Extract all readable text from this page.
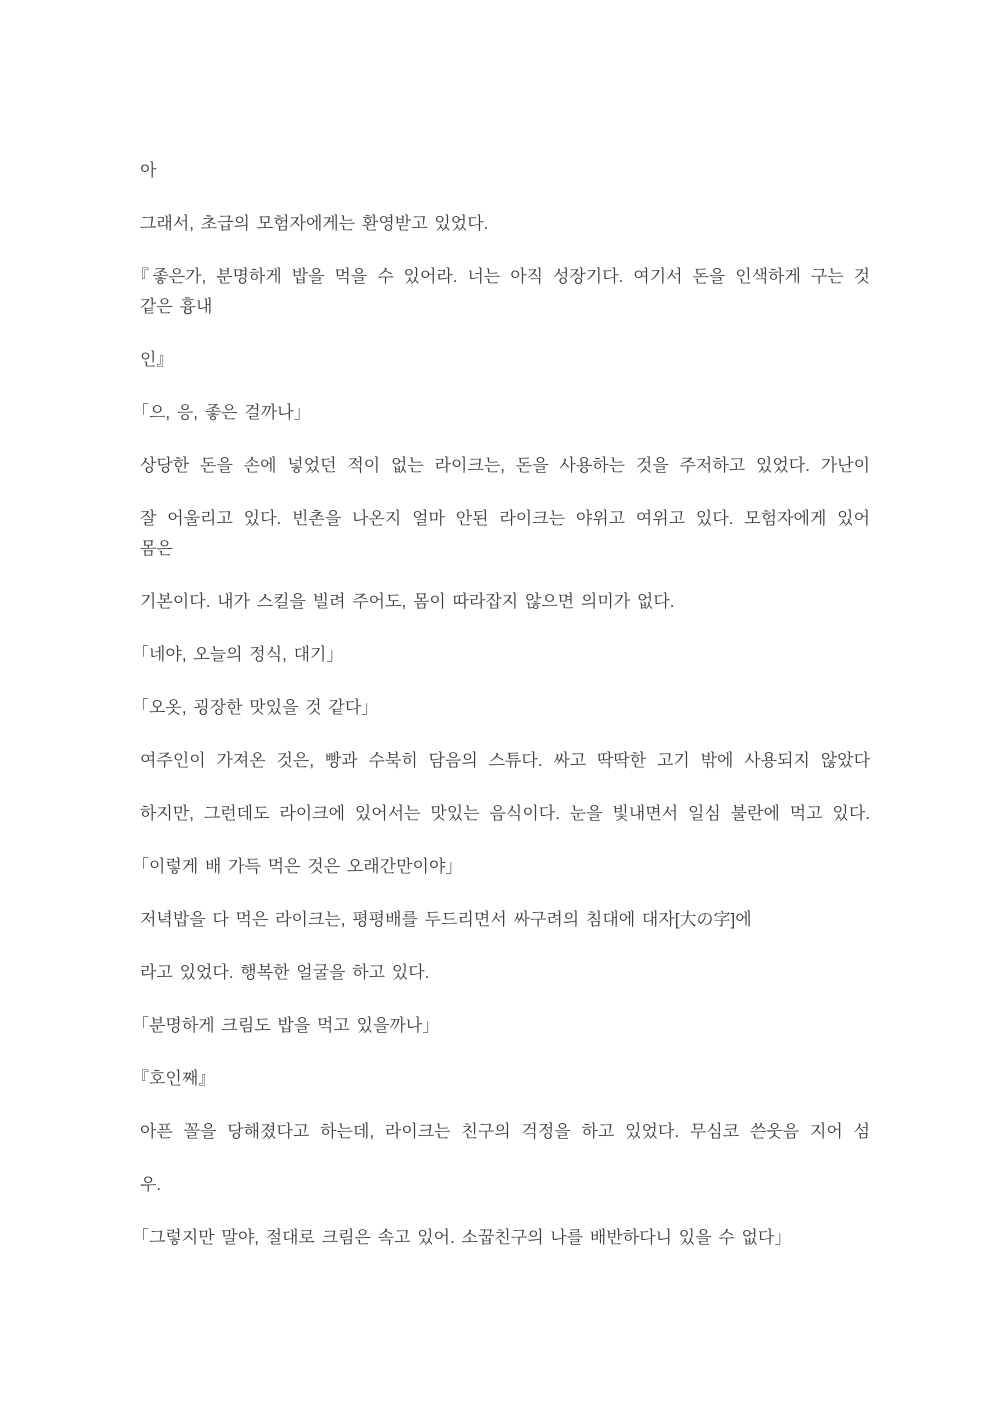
아
그래서, 초급의 모험자에게는 환영받고 있었다.
『좋은가, 분명하게 밥을 먹을 수 있어라. 너는 아직 성장기다. 여기서 돈을 인색하게 구는 것
같은 흉내
인』
「으, 응, 좋은 걸까나」
상당한 돈을 손에 넣었던 적이 없는 라이크는, 돈을 사용하는 것을 주저하고 있었다. 가난이
잘 어울리고 있다. 빈촌을 나온지 얼마 안된 라이크는 야위고 여위고 있다. 모험자에게 있어
몸은
기본이다. 내가 스킬을 빌려 주어도, 몸이 따라잡지 않으면 의미가 없다.
「네야, 오늘의 정식, 대기」
「오옷, 굉장한 맛있을 것 같다」
여주인이 가져온 것은, 빵과 수북히 담음의 스튜다. 싸고 딱딱한 고기 밖에 사용되지 않았다
하지만, 그런데도 라이크에 있어서는 맛있는 음식이다. 눈을 빛내면서 일심 불란에 먹고 있다.
「이렇게 배 가득 먹은 것은 오래간만이야」
저녁밥을 다 먹은 라이크는, 평평배를 두드리면서 싸구려의 침대에 대자[大の字]에
라고 있었다. 행복한 얼굴을 하고 있다.
「분명하게 크림도 밥을 먹고 있을까나」
『호인째』
아픈 꼴을 당해졌다고 하는데, 라이크는 친구의 걱정을 하고 있었다. 무심코 쓴웃음 지어 섬
우.
「그렇지만 말야, 절대로 크림은 속고 있어. 소꿉친구의 나를 배반하다니 있을 수 없다」
